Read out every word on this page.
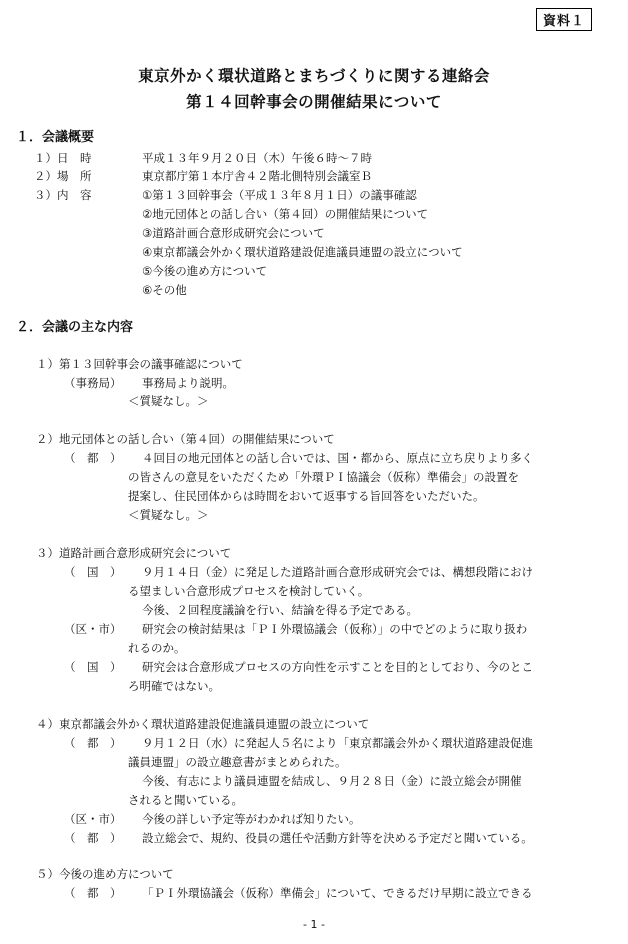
資料１
東京外かく環状道路とまちづくりに関する連絡会
第１４回幹事会の開催結果について
１．会議概要
１）日　時	平成１３年９月２０日（木）午後６時～７時
２）場　所	東京都庁第１本庁舎４２階北側特別会議室Ｂ
３）内　容	①第１３回幹事会（平成１３年８月１日）の議事確認
②地元団体との話し合い（第４回）の開催結果について
③道路計画合意形成研究会について
④東京都議会外かく環状道路建設促進議員連盟の設立について
⑤今後の進め方について
⑥その他
２．会議の主な内容
１）第１３回幹事会の議事確認について
（事務局） 事務局より説明。
＜質疑なし。＞
２）地元団体との話し合い（第４回）の開催結果について
（　都　） ４回目の地元団体との話し合いでは、国・都から、原点に立ち戻りより多く
の皆さんの意見をいただくため「外環ＰＩ協議会（仮称）準備会」の設置を
提案し、住民団体からは時間をおいて返事する旨回答をいただいた。
＜質疑なし。＞
３）道路計画合意形成研究会について
（　国　） ９月１４日（金）に発足した道路計画合意形成研究会では、構想段階におけ
る望ましい合意形成プロセスを検討していく。
今後、２回程度議論を行い、結論を得る予定である。
（区・市） 研究会の検討結果は「ＰＩ外環協議会（仮称）」の中でどのように取り扱わ
れるのか。
（　国　） 研究会は合意形成プロセスの方向性を示すことを目的としており、今のとこ
ろ明確ではない。
４）東京都議会外かく環状道路建設促進議員連盟の設立について
（　都　） ９月１２日（水）に発起人５名により「東京都議会外かく環状道路建設促進
議員連盟」の設立趣意書がまとめられた。
今後、有志により議員連盟を結成し、９月２８日（金）に設立総会が開催
されると聞いている。
（区・市） 今後の詳しい予定等がわかれば知りたい。
（　都　） 設立総会で、規約、役員の選任や活動方針等を決める予定だと聞いている。
５）今後の進め方について
（　都　） 「ＰＩ外環協議会（仮称）準備会」について、できるだけ早期に設立できる
- 1 -
